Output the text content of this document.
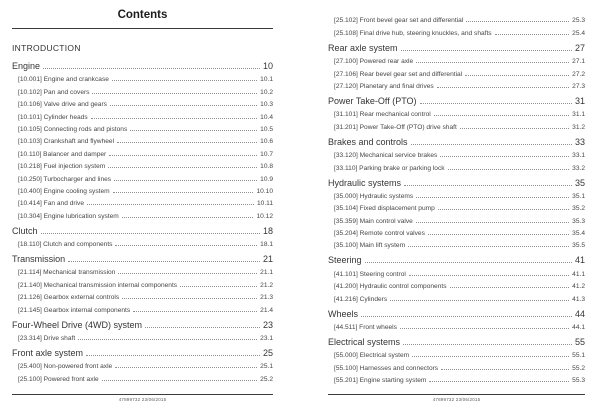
Contents
INTRODUCTION
Engine	10
[10.001] Engine and crankcase	10.1
[10.102] Pan and covers	10.2
[10.106] Valve drive and gears	10.3
[10.101] Cylinder heads	10.4
[10.105] Connecting rods and pistons	10.5
[10.103] Crankshaft and flywheel	10.6
[10.110] Balancer and damper	10.7
[10.218] Fuel injection system	10.8
[10.250] Turbocharger and lines	10.9
[10.400] Engine cooling system	10.10
[10.414] Fan and drive	10.11
[10.304] Engine lubrication system	10.12
Clutch	18
[18.110] Clutch and components	18.1
Transmission	21
[21.114] Mechanical transmission	21.1
[21.140] Mechanical transmission internal components	21.2
[21.126] Gearbox external controls	21.3
[21.145] Gearbox internal components	21.4
Four-Wheel Drive (4WD) system	23
[23.314] Drive shaft	23.1
Front axle system	25
[25.400] Non-powered front axle	25.1
[25.100] Powered front axle	25.2
47899732 23/06/2015
[25.102] Front bevel gear set and differential	25.3
[25.108] Final drive hub, steering knuckles, and shafts	25.4
Rear axle system	27
[27.100] Powered rear axle	27.1
[27.106] Rear bevel gear set and differential	27.2
[27.120] Planetary and final drives	27.3
Power Take-Off (PTO)	31
[31.101] Rear mechanical control	31.1
[31.201] Power Take-Off (PTO) drive shaft	31.2
Brakes and controls	33
[33.120] Mechanical service brakes	33.1
[33.110] Parking brake or parking lock	33.2
Hydraulic systems	35
[35.000] Hydraulic systems	35.1
[35.104] Fixed displacement pump	35.2
[35.359] Main control valve	35.3
[35.204] Remote control valves	35.4
[35.100] Main lift system	35.5
Steering	41
[41.101] Steering control	41.1
[41.200] Hydraulic control components	41.2
[41.216] Cylinders	41.3
Wheels	44
[44.511] Front wheels	44.1
Electrical systems	55
[55.000] Electrical system	55.1
[55.100] Harnesses and connectors	55.2
[55.201] Engine starting system	55.3
47899732 23/06/2015
